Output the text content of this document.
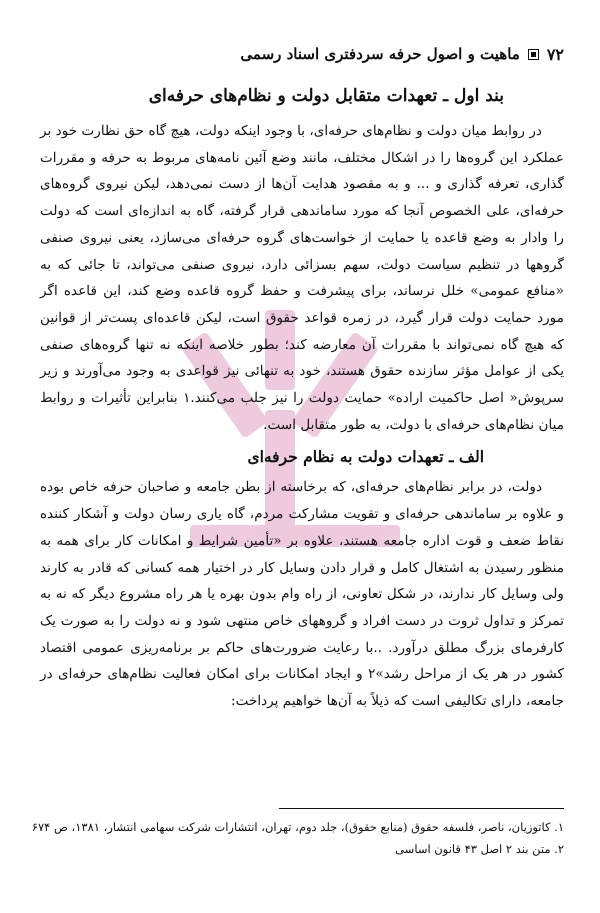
۷۲
ماهیت و اصول حرفه سردفتری اسناد رسمی
بند اول ـ تعهدات متقابل دولت و نظام‌های حرفه‌ای

در روابط میان دولت و نظام‌های حرفه‌ای، با وجود اینکه دولت، هیچ گاه حق نظارت خود بر عملکرد این گروه‌ها را در اشکال مختلف، مانند وضع آئین نامه‌های مربوط به حرفه و مقررات گذاری، تعرفه گذاری و ... و به مقصود هدایت آن‌ها از دست نمی‌دهد، لیکن نیروی گروه‌های حرفه‌ای، علی الخصوص آنجا که مورد ساماندهی قرار گرفته، گاه به اندازه‌ای است که دولت را وادار به وضع قاعده یا حمایت از خواست‌های گروه حرفه‌ای می‌سازد، یعنی نیروی صنفی گروهها در تنظیم سیاست دولت، سهم بسزائی دارد، نیروی صنفی می‌تواند، تا جائی که به «منافع عمومی» خلل نرساند، برای پیشرفت و حفظ گروه قاعده وضع کند، این قاعده اگر مورد حمایت دولت قرار گیرد، در زمره قواعد حقوق است، لیکن قاعده‌ای پست‌تر از قوانین که هیچ گاه نمی‌تواند با مقررات آن معارضه کند؛ بطور خلاصه اینکه نه تنها گروه‌های صنفی یکی از عوامل مؤثر سازنده حقوق هستند، خود به تنهائی نیز قواعدی به وجود می‌آورند و زیر سرپوش« اصل حاکمیت اراده» حمایت دولت را نیز جلب می‌کنند.۱ بنابراین تأثیرات و روابط میان نظام‌های حرفه‌ای با دولت، به طور متقابل است.

الف ـ تعهدات دولت به نظام حرفه‌ای

دولت، در برابر نظام‌های حرفه‌ای، که برخاسته از بطن جامعه و صاحبان حرفه خاص بوده و علاوه بر ساماندهی حرفه‌ای و تقویت مشارکت مردم، گاه یاری رسان دولت و آشکار کننده نقاط ضعف و قوت اداره جامعه هستند، علاوه بر «تأمین شرایط و امکانات کار برای همه به منظور رسیدن به اشتغال کامل و قرار دادن وسایل کار در اختیار همه کسانی که قادر به کارند ولی وسایل کار ندارند، در شکل تعاونی، از راه وام بدون بهره یا هر راه مشروع دیگر که نه به تمرکز و تداول ثروت در دست افراد و گروههای خاص منتهی شود و نه دولت را به صورت یک کارفرمای بزرگ مطلق درآورد. ..با رعایت ضرورت‌های حاکم بر برنامه‌ریزی عمومی اقتصاد کشور در هر یک از مراحل رشد»۲ و ایجاد امکانات برای امکان فعالیت نظام‌های حرفه‌ای در جامعه، دارای تکالیفی است که ذیلاً به آن‌ها خواهیم پرداخت:

۱. کاتوزیان، ناصر، فلسفه حقوق (منابع حقوق)، جلد دوم، تهران، انتشارات شرکت سهامی انتشار، ۱۳۸۱، ص ۶۷۴
۲. متن بند ۲ اصل ۴۳ قانون اساسی
